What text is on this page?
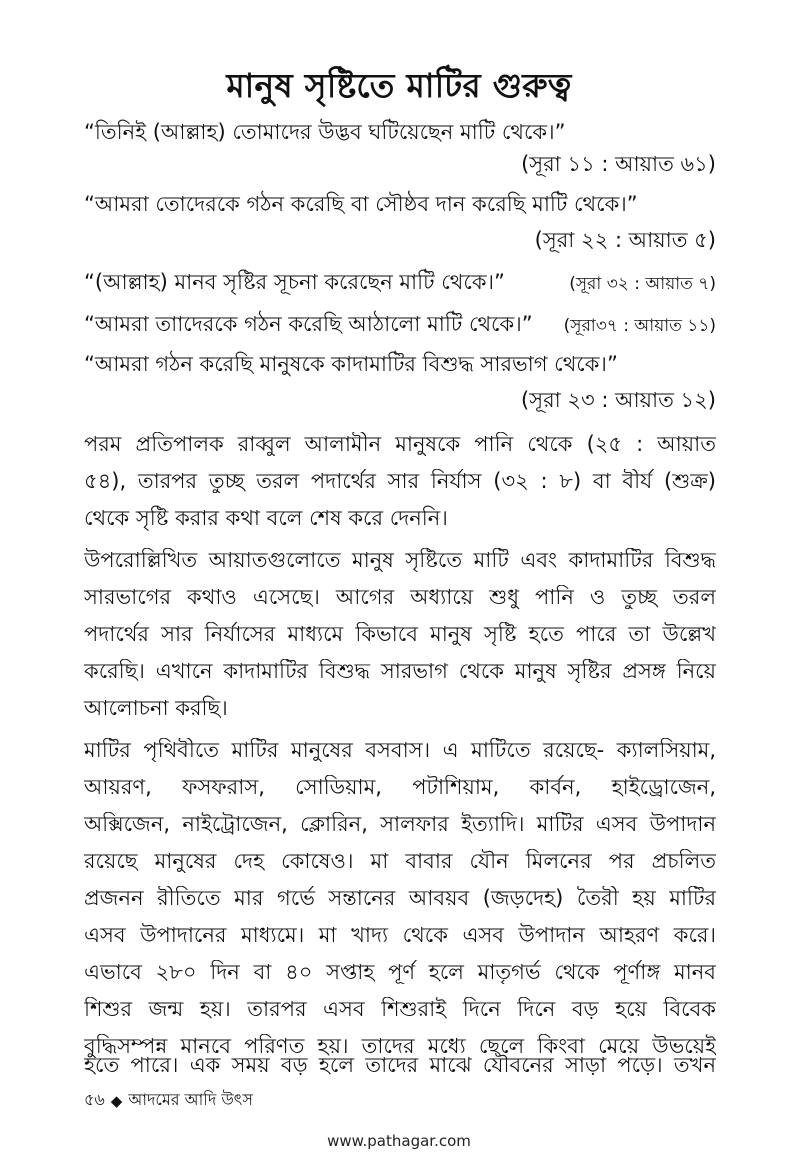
মানুষ সৃষ্টিতে মাটির গুরুত্ব
“তিনিই (আল্লাহ) তোমাদের উদ্ভব ঘটিয়েছেন মাটি থেকে।”
(সূরা ১১ : আয়াত ৬১)
“আমরা তোদেরকে গঠন করেছি বা সৌষ্ঠব দান করেছি মাটি থেকে।”
(সূরা ২২ : আয়াত ৫)
“(আল্লাহ) মানব সৃষ্টির সূচনা করেছেন মাটি থেকে।”	(সূরা ৩২ : আয়াত ৭)
“আমরা তাাদেরকে গঠন করেছি আঠালো মাটি থেকে।” (সূরা৩৭ : আয়াত ১১)
“আমরা গঠন করেছি মানুষকে কাদামাটির বিশুদ্ধ সারভাগ থেকে।”
(সূরা ২৩ : আয়াত ১২)
পরম প্রতিপালক রাব্বুল আলামীন মানুষকে পানি থেকে (২৫ : আয়াত
৫৪), তারপর তুচ্ছ তরল পদার্থের সার নির্যাস (৩২ : ৮) বা বীর্য (শুক্র)
থেকে সৃষ্টি করার কথা বলে শেষ করে দেননি।
উপরোল্লিখিত আয়াতগুলোতে মানুষ সৃষ্টিতে মাটি এবং কাদামাটির বিশুদ্ধ
সারভাগের কথাও এসেছে। আগের অধ্যায়ে শুধু পানি ও তুচ্ছ তরল
পদার্থের সার নির্যাসের মাধ্যমে কিভাবে মানুষ সৃষ্টি হতে পারে তা উল্লেখ
করেছি। এখানে কাদামাটির বিশুদ্ধ সারভাগ থেকে মানুষ সৃষ্টির প্রসঙ্গ নিয়ে
আলোচনা করছি।
মাটির পৃথিবীতে মাটির মানুষের বসবাস। এ মাটিতে রয়েছে- ক্যালসিয়াম,
আয়রণ, ফসফরাস, সোডিয়াম, পটাশিয়াম, কার্বন, হাইড্রোজেন,
অক্সিজেন, নাইট্রোজেন, ক্লোরিন, সালফার ইত্যাদি। মাটির এসব উপাদান
রয়েছে মানুষের দেহ কোষেও। মা বাবার যৌন মিলনের পর প্রচলিত
প্রজনন রীতিতে মার গর্ভে সন্তানের আবয়ব (জড়দেহ) তৈরী হয় মাটির
এসব উপাদানের মাধ্যমে। মা খাদ্য থেকে এসব উপাদান আহরণ করে।
এভাবে ২৮০ দিন বা ৪০ সপ্তাহ পূর্ণ হলে মাতৃগর্ভ থেকে পূর্ণাঙ্গ মানব
শিশুর জন্ম হয়। তারপর এসব শিশুরাই দিনে দিনে বড় হয়ে বিবেক
বুদ্ধিসম্পন্ন মানবে পরিণত হয়। তাদের মধ্যে ছেলে কিংবা মেয়ে উভয়েই
হতে পারে। এক সময় বড় হলে তাদের মাঝে যৌবনের সাড়া পড়ে। তখন
৫৬ ◆ আদমের আদি উৎস
www.pathagar.com
